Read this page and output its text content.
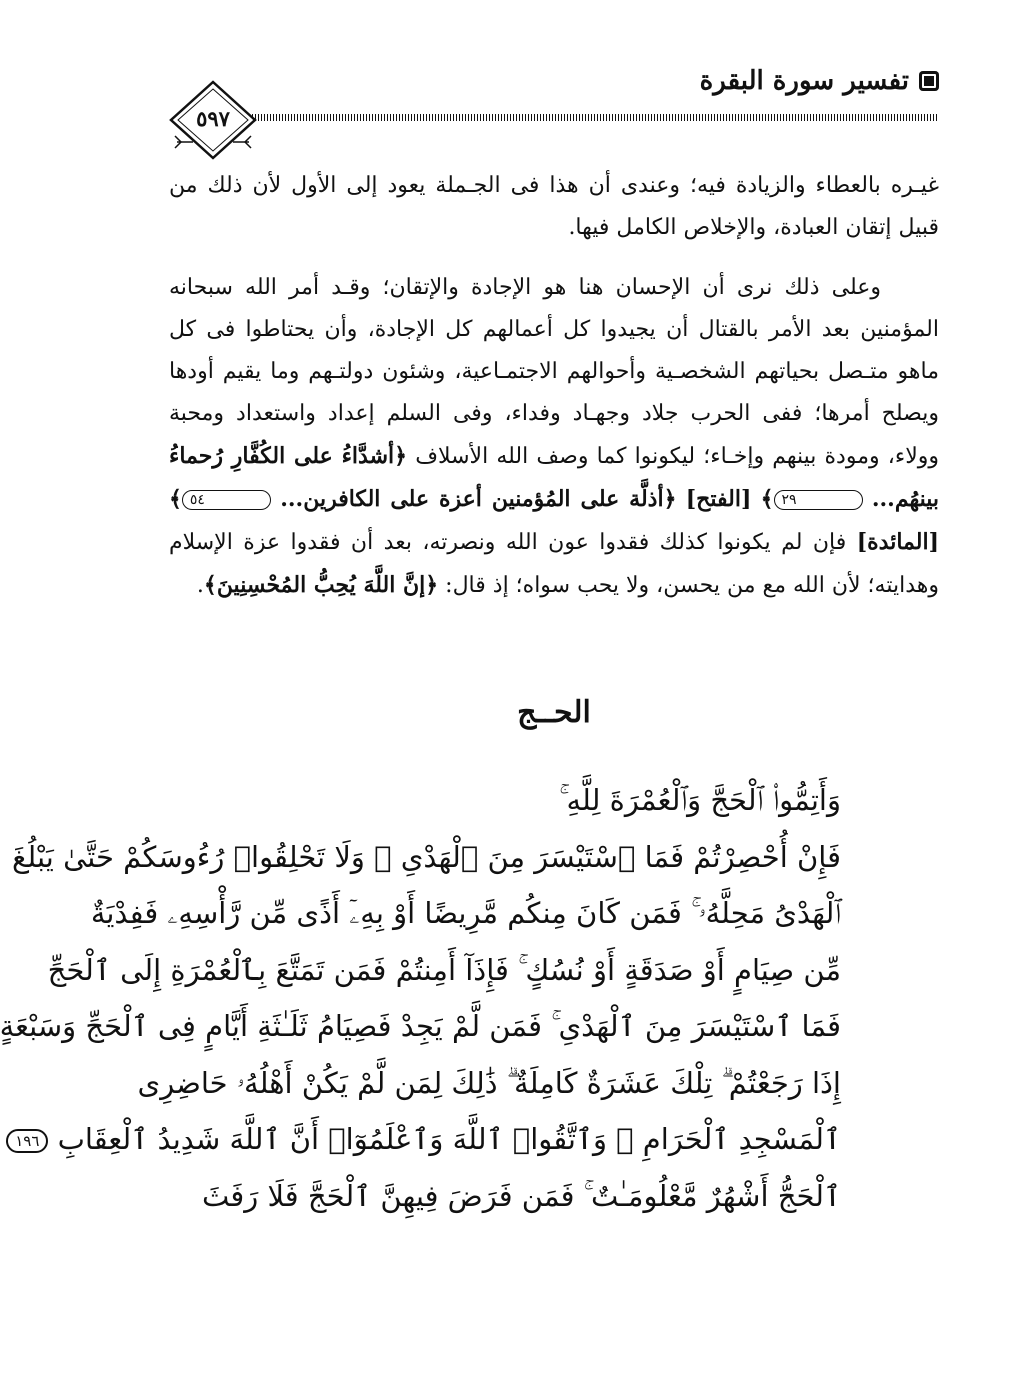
تفسير سورة البقرة
٥٩٧

غيـره بالعطاء والزيادة فيه؛ وعندى أن هذا فى الجـملة يعود إلى الأول لأن ذلك من قبيل إتقان العبادة، والإخلاص الكامل فيها.

وعلى ذلك نرى أن الإحسان هنا هو الإجادة والإتقان؛ وقـد أمر الله سبحانه المؤمنين بعد الأمر بالقتال أن يجيدوا كل أعمالهم كل الإجادة، وأن يحتاطوا فى كل ماهو متـصل بحياتهم الشخصـية وأحوالهم الاجتمـاعية، وشئون دولتـهم وما يقيم أودها ويصلح أمرها؛ ففى الحرب جلاد وجهـاد وفداء، وفى السلم إعداد واستعداد ومحبة وولاء، ومودة بينهم وإخـاء؛ ليكونوا كما وصف الله الأسلاف ﴿أشدَّاءُ على الكُفَّارِ رُحماءُ بينهُم... ٢٩﴾ [الفتح] ﴿أذلَّة على المُؤمنين أعزة على الكافرين... ٥٤﴾ [المائدة] فإن لم يكونوا كذلك فقدوا عون الله ونصرته، بعد أن فقدوا عزة الإسلام وهدايته؛ لأن الله مع من يحسن، ولا يحب سواه؛ إذ قال: ﴿إنَّ اللَّهَ يُحِبُّ المُحْسِنِينَ﴾.

الحــج
وَأَتِمُّوا۟ ٱلْحَجَّ وَٱلْعُمْرَةَ لِلَّهِ ۚ
فَإِنْ أُحْصِرْتُمْ فَمَا ٱسْتَيْسَرَ مِنَ ٱلْهَدْىِ ۖ وَلَا تَحْلِقُوا۟ رُءُوسَكُمْ حَتَّىٰ يَبْلُغَ
ٱلْهَدْىُ مَحِلَّهُۥ ۚ فَمَن كَانَ مِنكُم مَّرِيضًا أَوْ بِهِۦٓ أَذًى مِّن رَّأْسِهِۦ فَفِدْيَةٌ
مِّن صِيَامٍ أَوْ صَدَقَةٍ أَوْ نُسُكٍ ۚ فَإِذَآ أَمِنتُمْ فَمَن تَمَتَّعَ بِٱلْعُمْرَةِ إِلَى ٱلْحَجِّ
فَمَا ٱسْتَيْسَرَ مِنَ ٱلْهَدْىِ ۚ فَمَن لَّمْ يَجِدْ فَصِيَامُ ثَلَـٰثَةِ أَيَّامٍ فِى ٱلْحَجِّ وَسَبْعَةٍ
إِذَا رَجَعْتُمْ ۗ تِلْكَ عَشَرَةٌ كَامِلَةٌ ۗ ذَٰلِكَ لِمَن لَّمْ يَكُنْ أَهْلُهُۥ حَاضِرِى
ٱلْمَسْجِدِ ٱلْحَرَامِ ۚ وَٱتَّقُوا۟ ٱللَّهَ وَٱعْلَمُوٓا۟ أَنَّ ٱللَّهَ شَدِيدُ ٱلْعِقَابِ ١٩٦
ٱلْحَجُّ أَشْهُرٌ مَّعْلُومَـٰتٌ ۚ فَمَن فَرَضَ فِيهِنَّ ٱلْحَجَّ فَلَا رَفَثَ
